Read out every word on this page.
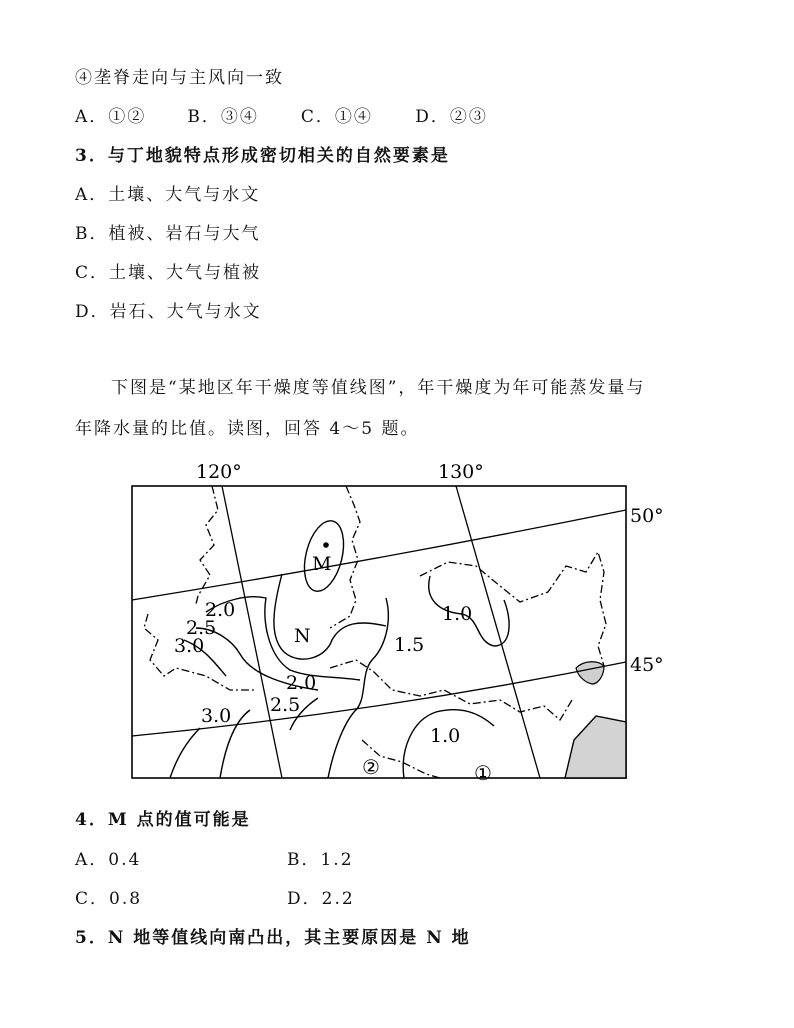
④垄脊走向与主风向一致
A．①② B．③④ C．①④ D．②③
3．与丁地貌特点形成密切相关的自然要素是
A．土壤、大气与水文
B．植被、岩石与大气
C．土壤、大气与植被
D．岩石、大气与水文
下图是“某地区年干燥度等值线图”，年干燥度为年可能蒸发量与
年降水量的比值。读图，回答 4～5 题。
120°	130°
50°
45°
M
N
2.0
2.5
3.0
1.0
1.5
2.0
2.5
3.0
1.0
②	①
4．M 点的值可能是
A．0.4	B．1.2
C．0.8	D．2.2
5．N 地等值线向南凸出，其主要原因是 N 地
